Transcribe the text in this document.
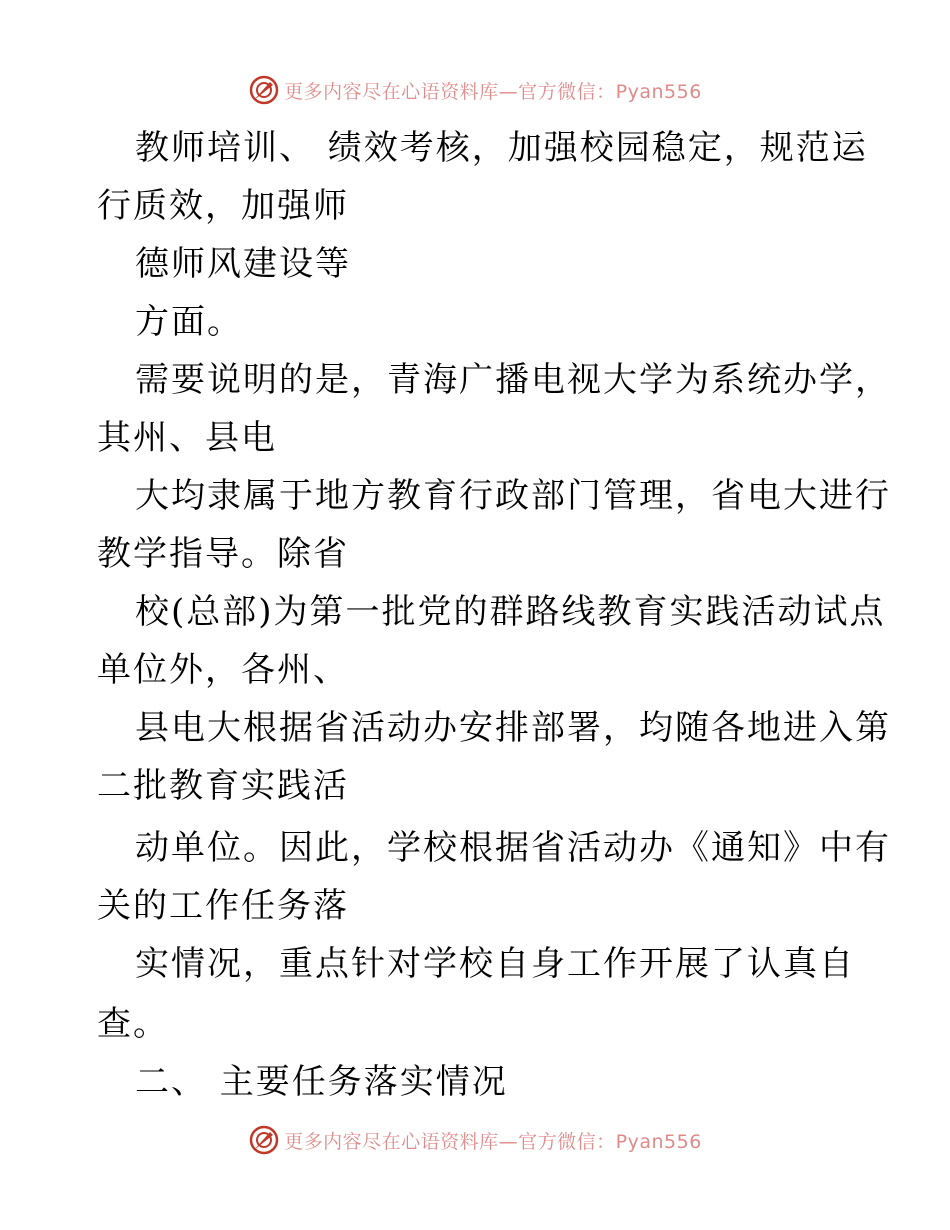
更多内容尽在心语资料库—官方微信：Pyan556
教师培训、 绩效考核，加强校园稳定，规范运
行质效，加强师
德师风建设等
方面。
需要说明的是，青海广播电视大学为系统办学，
其州、县电
大均隶属于地方教育行政部门管理，省电大进行
教学指导。除省
校(总部)为第一批党的群路线教育实践活动试点
单位外，各州、
县电大根据省活动办安排部署，均随各地进入第
二批教育实践活
动单位。因此，学校根据省活动办《通知》中有
关的工作任务落
实情况，重点针对学校自身工作开展了认真自
查。
二、 主要任务落实情况
更多内容尽在心语资料库—官方微信：Pyan556
